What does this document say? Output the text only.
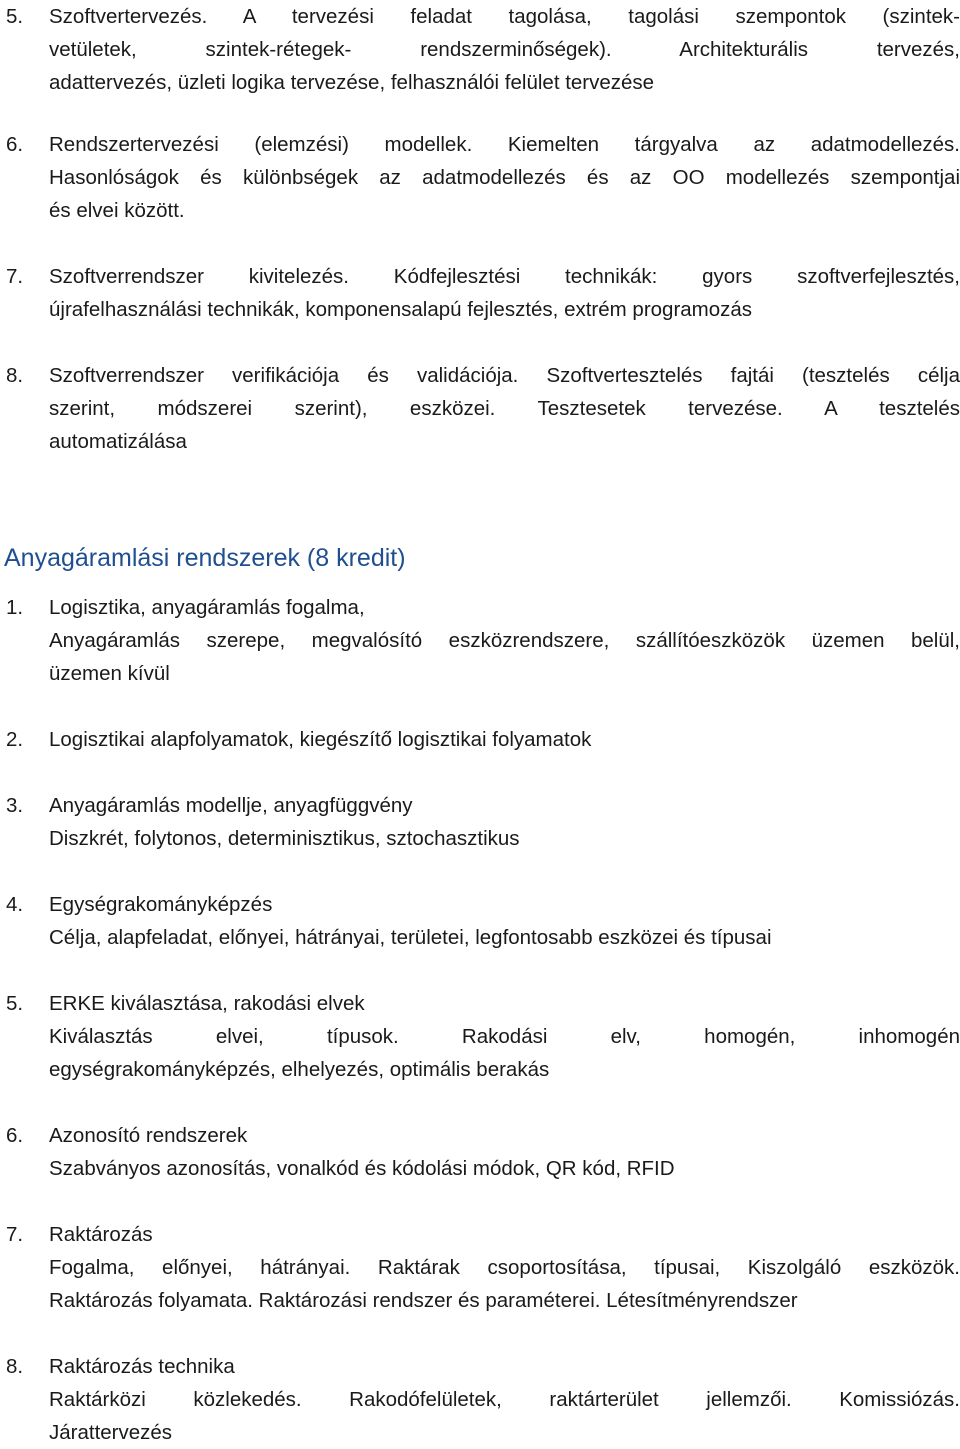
5. Szoftvertervezés. A tervezési feladat tagolása, tagolási szempontok (szintek-
vetületek, szintek-rétegek- rendszerminőségek). Architekturális tervezés,
adattervezés, üzleti logika tervezése, felhasználói felület tervezése
6. Rendszertervezési (elemzési) modellek. Kiemelten tárgyalva az adatmodellezés.
Hasonlóságok és különbségek az adatmodellezés és az OO modellezés szempontjai
és elvei között.
7. Szoftverrendszer kivitelezés. Kódfejlesztési technikák: gyors szoftverfejlesztés,
újrafelhasználási technikák, komponensalapú fejlesztés, extrém programozás
8. Szoftverrendszer verifikációja és validációja. Szoftvertesztelés fajtái (tesztelés célja
szerint, módszerei szerint), eszközei. Tesztesetek tervezése. A tesztelés
automatizálása
Anyagáramlási rendszerek (8 kredit)
1. Logisztika, anyagáramlás fogalma,
Anyagáramlás szerepe, megvalósító eszközrendszere, szállítóeszközök üzemen belül,
üzemen kívül
2. Logisztikai alapfolyamatok, kiegészítő logisztikai folyamatok
3. Anyagáramlás modellje, anyagfüggvény
Diszkrét, folytonos, determinisztikus, sztochasztikus
4. Egységrakományképzés
Célja, alapfeladat, előnyei, hátrányai, területei, legfontosabb eszközei és típusai
5. ERKE kiválasztása, rakodási elvek
Kiválasztás elvei, típusok. Rakodási elv, homogén, inhomogén
egységrakományképzés, elhelyezés, optimális berakás
6. Azonosító rendszerek
Szabványos azonosítás, vonalkód és kódolási módok, QR kód, RFID
7. Raktározás
Fogalma, előnyei, hátrányai. Raktárak csoportosítása, típusai, Kiszolgáló eszközök.
Raktározás folyamata. Raktározási rendszer és paraméterei. Létesítményrendszer
8. Raktározás technika
Raktárközi közlekedés. Rakodófelületek, raktárterület jellemzői. Komissiózás.
Járattervezés
